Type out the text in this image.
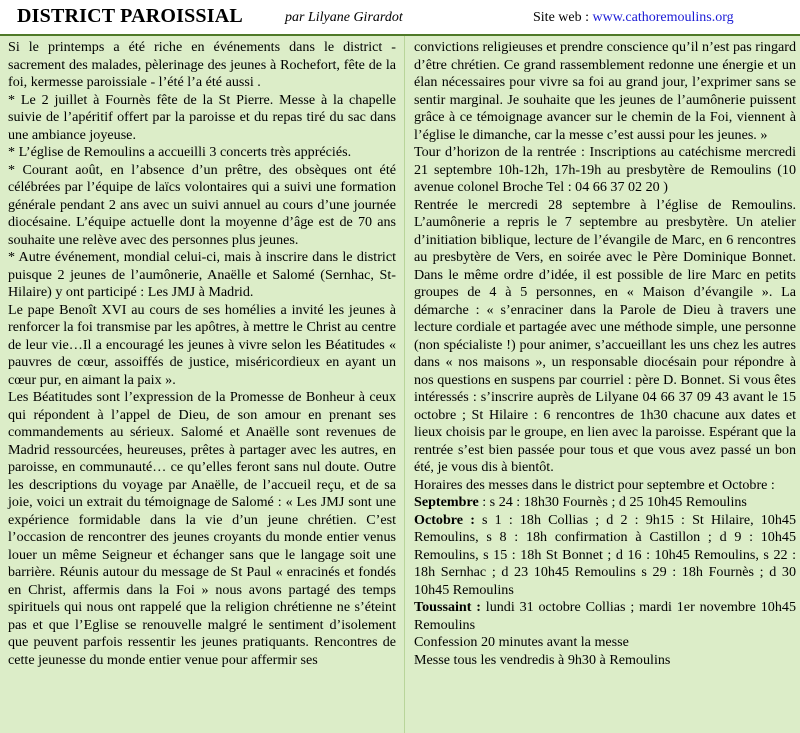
DISTRICT PAROISSIAL	par Lilyane Girardot	Site web : www.cathoremoulins.org

Si le printemps a été riche en événements dans le district - sacrement des malades, pèlerinage des jeunes à Rochefort, fête de la foi, kermesse paroissiale - l’été l’a été aussi .

* Le 2 juillet à Fournès fête de la St Pierre. Messe à la chapelle suivie de l’apéritif offert par la paroisse et du repas tiré du sac dans une ambiance joyeuse.

* L’église de Remoulins a accueilli 3 concerts très appréciés.

* Courant août, en l’absence d’un prêtre, des obsèques ont été célébrées par l’équipe de laïcs volontaires qui a suivi une formation générale pendant 2 ans avec un suivi annuel au cours d’une journée diocésaine. L’équipe actuelle dont la moyenne d’âge est de 70 ans souhaite une relève avec des personnes plus jeunes.

* Autre événement, mondial celui-ci, mais à inscrire dans le district puisque 2 jeunes de l’aumônerie, Anaëlle et Salomé (Sernhac, St-Hilaire) y ont participé : Les JMJ à Madrid.

Le pape Benoît XVI au cours de ses homélies a invité les jeunes à renforcer la foi transmise par les apôtres, à mettre le Christ au centre de leur vie…Il a encouragé les jeunes à vivre selon les Béatitudes « pauvres de cœur, assoiffés de justice, miséricordieux en ayant un cœur pur, en aimant la paix ».

Les Béatitudes sont l’expression de la Promesse de Bonheur à ceux qui répondent à l’appel de Dieu, de son amour en prenant ses commandements au sérieux. Salomé et Anaëlle sont revenues de Madrid ressourcées, heureuses, prêtes à partager avec les autres, en paroisse, en communauté… ce qu’elles feront sans nul doute. Outre les descriptions du voyage par Anaëlle, de l’accueil reçu, et de sa joie, voici un extrait du témoignage de Salomé : « Les JMJ sont une expérience formidable dans la vie d’un jeune chrétien. C’est l’occasion de rencontrer des jeunes croyants du monde entier venus louer un même Seigneur et échanger sans que le langage soit une barrière. Réunis autour du message de St Paul « enracinés et fondés en Christ, affermis dans la Foi » nous avons partagé des temps spirituels qui nous ont rappelé que la religion chrétienne ne s’éteint pas et que l’Eglise se renouvelle malgré le sentiment d’isolement que peuvent parfois ressentir les jeunes pratiquants. Rencontres de cette jeunesse du monde entier venue pour affermir ses

convictions religieuses et prendre conscience qu’il n’est pas ringard d’être chrétien. Ce grand rassemblement redonne une énergie et un élan nécessaires pour vivre sa foi au grand jour, l’exprimer sans se sentir marginal. Je souhaite que les jeunes de l’aumônerie puissent grâce à ce témoignage avancer sur le chemin de la Foi, viennent à l’église le dimanche, car la messe c’est aussi pour les jeunes. »

Tour d’horizon de la rentrée : Inscriptions au catéchisme mercredi 21 septembre 10h-12h, 17h-19h au presbytère de Remoulins (10 avenue colonel Broche Tel : 04 66 37 02 20 )

Rentrée le mercredi 28 septembre à l’église de Remoulins. L’aumônerie a repris le 7 septembre au presbytère. Un atelier d’initiation biblique, lecture de l’évangile de Marc, en 6 rencontres au presbytère de Vers, en soirée avec le Père Dominique Bonnet. Dans le même ordre d’idée, il est possible de lire Marc en petits groupes de 4 à 5 personnes, en « Maison d’évangile ». La démarche : « s’enraciner dans la Parole de Dieu à travers une lecture cordiale et partagée avec une méthode simple, une personne (non spécialiste !) pour animer, s’accueillant les uns chez les autres dans « nos maisons », un responsable diocésain pour répondre à nos questions en suspens par courriel : père D. Bonnet. Si vous êtes intéressés : s’inscrire auprès de Lilyane 04 66 37 09 43 avant le 15 octobre ; St Hilaire : 6 rencontres de 1h30 chacune aux dates et lieux choisis par le groupe, en lien avec la paroisse. Espérant que la rentrée s’est bien passée pour tous et que vous avez passé un bon été, je vous dis à bientôt.

Horaires des messes dans le district pour septembre et Octobre :

Septembre : s 24 : 18h30 Fournès ; d 25 10h45 Remoulins

Octobre : s 1 : 18h Collias ; d 2 : 9h15 : St Hilaire, 10h45 Remoulins, s 8 : 18h confirmation à Castillon ; d 9 : 10h45 Remoulins, s 15 : 18h St Bonnet ; d 16 : 10h45 Remoulins, s 22 : 18h Sernhac ; d 23 10h45 Remoulins s 29 : 18h Fournès ; d 30 10h45 Remoulins

Toussaint : lundi 31 octobre Collias ; mardi 1er novembre 10h45 Remoulins

Confession 20 minutes avant la messe

Messe tous les vendredis à 9h30 à Remoulins
